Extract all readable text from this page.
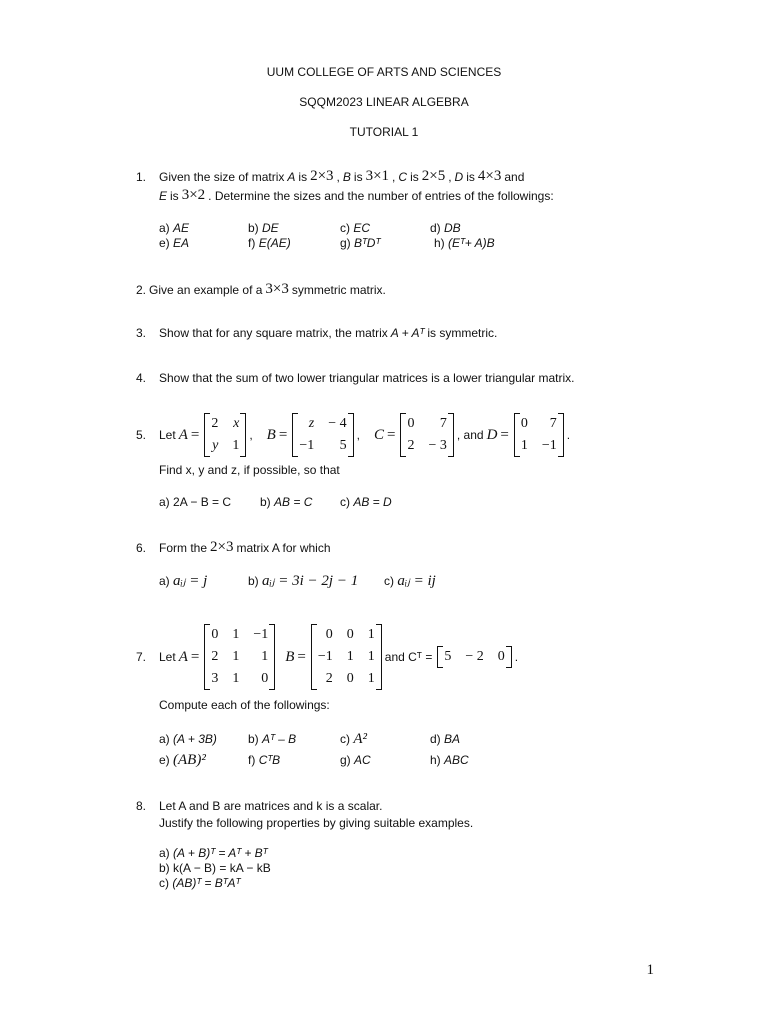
UUM COLLEGE OF ARTS AND SCIENCES
SQQM2023 LINEAR ALGEBRA
TUTORIAL 1
1.	Given the size of matrix A is 2×3 , B is 3×1 , C is 2×5 , D is 4×3 and
E is 3×2 . Determine the sizes and the number of entries of the followings:
a) AE	b) DE	c) EC	d) DB
e) EA	f) E(AE)	g) BᵀDᵀ	h) (Eᵀ+ A)B
2. Give an example of a 3×3 symmetric matrix.
3.	Show that for any square matrix, the matrix A + Aᵀ is symmetric.
4.	Show that the sum of two lower triangular matrices is a lower triangular matrix.
5.	Let A =
2	x
y	1
, B =
z	− 4
−1	5
, C =
0	7
2	− 3
, and D =
0	7
1	−1
.
Find x, y and z, if possible, so that
a) 2A − B = C b) AB = C c) AB = D
6.	Form the 2×3 matrix A for which
a) aᵢⱼ = j	b) aᵢⱼ = 3i − 2j − 1 c) aᵢⱼ = ij
7.	Let A =
0	1	−1
2	1	1
3	1	0
B =
0	0	1
−1	1	1
2	0	1
and Cᵀ = 5	− 2	0 .
Compute each of the followings:
a) (A + 3B)	b) Aᵀ – B	c) A²	d) BA
e) (AB)²	f) CᵀB	g) AC	h) ABC
8.	Let A and B are matrices and k is a scalar.
Justify the following properties by giving suitable examples.
a) (A + B)ᵀ = Aᵀ + Bᵀ
b) k(A − B) = kA − kB
c) (AB)ᵀ = BᵀAᵀ
1
